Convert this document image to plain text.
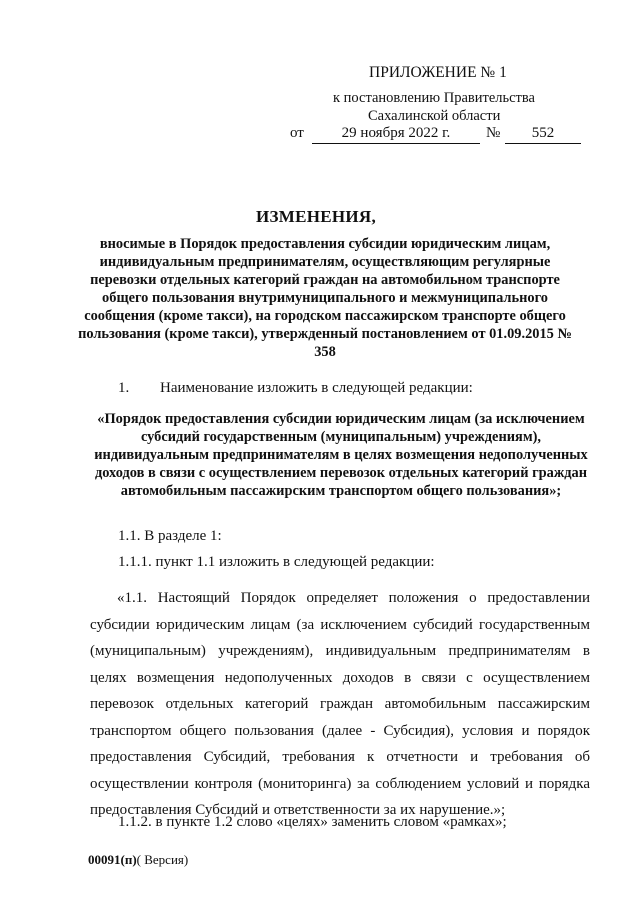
ПРИЛОЖЕНИЕ № 1
к постановлению Правительства
Сахалинской области
от	29 ноября 2022 г.	№	552
ИЗМЕНЕНИЯ,
вносимые в Порядок предоставления субсидии юридическим лицам, индивидуальным предпринимателям, осуществляющим регулярные перевозки отдельных категорий граждан на автомобильном транспорте общего пользования внутримуниципального и межмуниципального сообщения (кроме такси), на городском пассажирском транспорте общего пользования (кроме такси), утвержденный постановлением от 01.09.2015 № 358
1. Наименование изложить в следующей редакции:
«Порядок предоставления субсидии юридическим лицам (за исключением субсидий государственным (муниципальным) учреждениям), индивидуальным предпринимателям в целях возмещения недополученных доходов в связи с осуществлением перевозок отдельных категорий граждан автомобильным пассажирским транспортом общего пользования»;
1.1. В разделе 1:
1.1.1. пункт 1.1 изложить в следующей редакции:
«1.1. Настоящий Порядок определяет положения о предоставлении субсидии юридическим лицам (за исключением субсидий государственным (муниципальным) учреждениям), индивидуальным предпринимателям в целях возмещения недополученных доходов в связи с осуществлением перевозок отдельных категорий граждан автомобильным пассажирским транспортом общего пользования (далее - Субсидия), условия и порядок предоставления Субсидий, требования к отчетности и требования об осуществлении контроля (мониторинга) за соблюдением условий и порядка предоставления Субсидий и ответственности за их нарушение.»;
1.1.2. в пункте 1.2 слово «целях» заменить словом «рамках»;
00091(п)( Версия)
